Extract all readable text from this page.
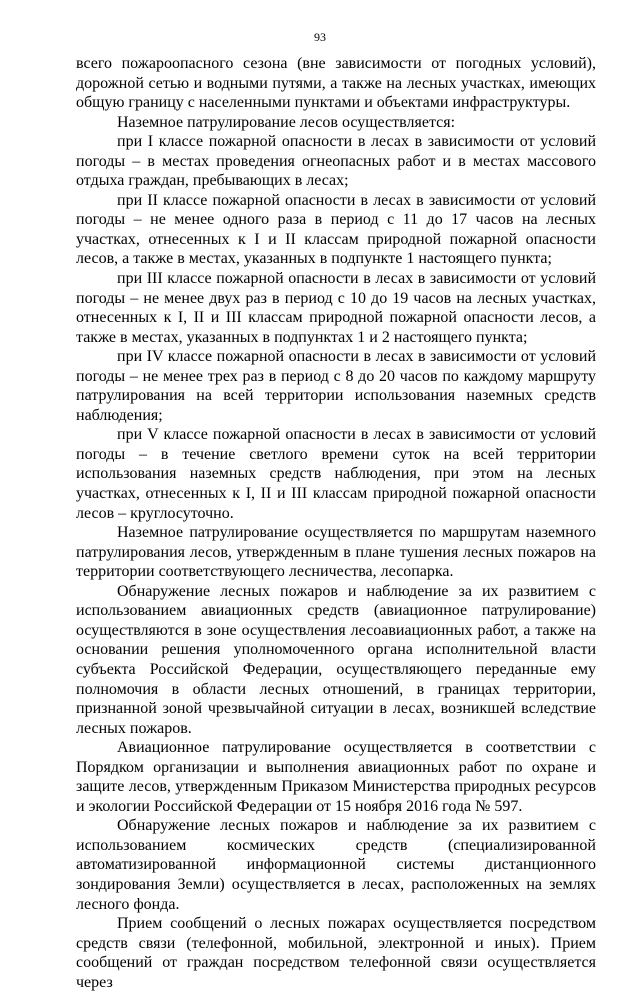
93

всего пожароопасного сезона (вне зависимости от погодных условий), дорожной сетью и водными путями, а также на лесных участках, имеющих общую границу с населенными пунктами и объектами инфраструктуры.

Наземное патрулирование лесов осуществляется:

при I классе пожарной опасности в лесах в зависимости от условий погоды – в местах проведения огнеопасных работ и в местах массового отдыха граждан, пребывающих в лесах;

при II классе пожарной опасности в лесах в зависимости от условий погоды – не менее одного раза в период с 11 до 17 часов на лесных участках, отнесенных к I и II классам природной пожарной опасности лесов, а также в местах, указанных в подпункте 1 настоящего пункта;

при III классе пожарной опасности в лесах в зависимости от условий погоды – не менее двух раз в период с 10 до 19 часов на лесных участках, отнесенных к I, II и III классам природной пожарной опасности лесов, а также в местах, указанных в подпунктах 1 и 2 настоящего пункта;

при IV классе пожарной опасности в лесах в зависимости от условий погоды – не менее трех раз в период с 8 до 20 часов по каждому маршруту патрулирования на всей территории использования наземных средств наблюдения;

при V классе пожарной опасности в лесах в зависимости от условий погоды – в течение светлого времени суток на всей территории использования наземных средств наблюдения, при этом на лесных участках, отнесенных к I, II и III классам природной пожарной опасности лесов – круглосуточно.

Наземное патрулирование осуществляется по маршрутам наземного патрулирования лесов, утвержденным в плане тушения лесных пожаров на территории соответствующего лесничества, лесопарка.

Обнаружение лесных пожаров и наблюдение за их развитием с использованием авиационных средств (авиационное патрулирование) осуществляются в зоне осуществления лесоавиационных работ, а также на основании решения уполномоченного органа исполнительной власти субъекта Российской Федерации, осуществляющего переданные ему полномочия в области лесных отношений, в границах территории, признанной зоной чрезвычайной ситуации в лесах, возникшей вследствие лесных пожаров.

Авиационное патрулирование осуществляется в соответствии с Порядком организации и выполнения авиационных работ по охране и защите лесов, утвержденным Приказом Министерства природных ресурсов и экологии Российской Федерации от 15 ноября 2016 года № 597.

Обнаружение лесных пожаров и наблюдение за их развитием с использованием космических средств (специализированной автоматизированной информационной системы дистанционного зондирования Земли) осуществляется в лесах, расположенных на землях лесного фонда.

Прием сообщений о лесных пожарах осуществляется посредством средств связи (телефонной, мобильной, электронной и иных). Прием сообщений от граждан посредством телефонной связи осуществляется через
